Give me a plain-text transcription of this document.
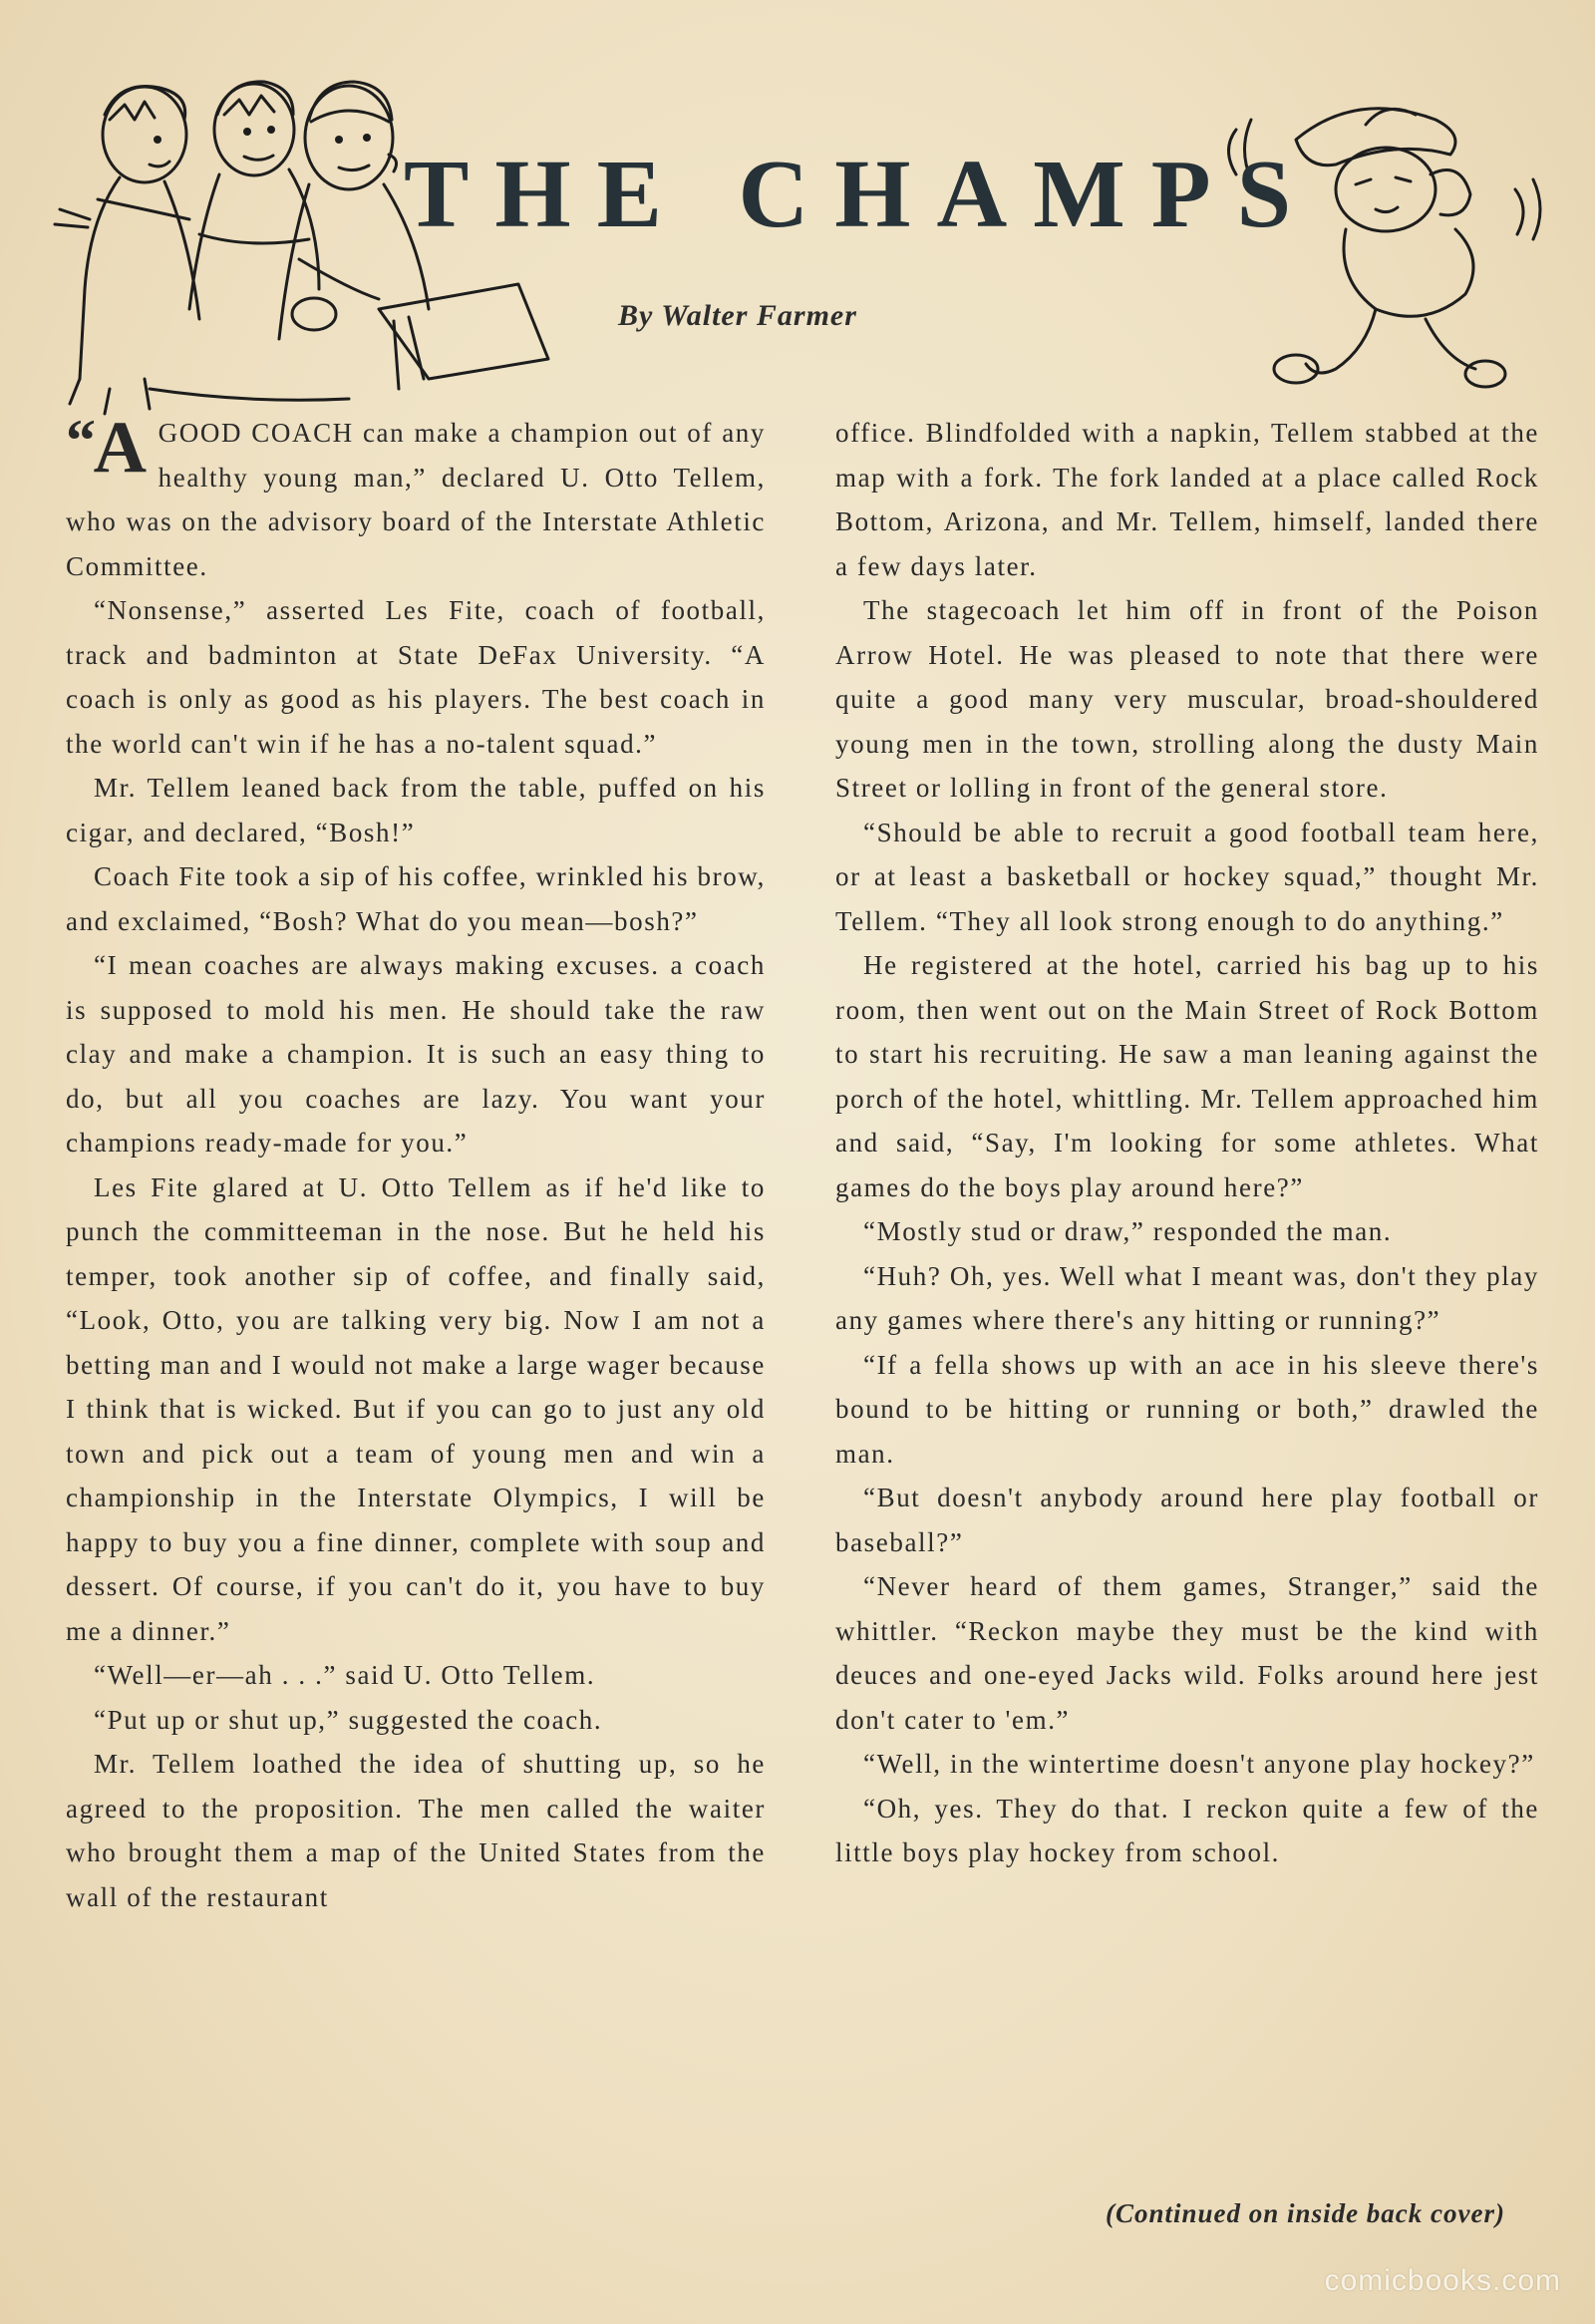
THE CHAMPS
By Walter Farmer

“
A GOOD COACH can make a champion out of any healthy young man,” declared U. Otto Tellem, who was on the advisory board of the Interstate Athletic Committee.

“Nonsense,” asserted Les Fite, coach of football, track and badminton at State DeFax University. “A coach is only as good as his players. The best coach in the world can't win if he has a no-talent squad.”

Mr. Tellem leaned back from the table, puffed on his cigar, and declared, “Bosh!”

Coach Fite took a sip of his coffee, wrinkled his brow, and exclaimed, “Bosh? What do you mean—bosh?”

“I mean coaches are always making excuses. a coach is supposed to mold his men. He should take the raw clay and make a champion. It is such an easy thing to do, but all you coaches are lazy. You want your champions ready-made for you.”

Les Fite glared at U. Otto Tellem as if he'd like to punch the committeeman in the nose. But he held his temper, took another sip of coffee, and finally said, “Look, Otto, you are talking very big. Now I am not a betting man and I would not make a large wager because I think that is wicked. But if you can go to just any old town and pick out a team of young men and win a championship in the Interstate Olympics, I will be happy to buy you a fine dinner, complete with soup and dessert. Of course, if you can't do it, you have to buy me a dinner.”

“Well—er—ah . . .” said U. Otto Tellem.

“Put up or shut up,” suggested the coach.

Mr. Tellem loathed the idea of shutting up, so he agreed to the proposition. The men called the waiter who brought them a map of the United States from the wall of the restaurant

office. Blindfolded with a napkin, Tellem stabbed at the map with a fork. The fork landed at a place called Rock Bottom, Arizona, and Mr. Tellem, himself, landed there a few days later.

The stagecoach let him off in front of the Poison Arrow Hotel. He was pleased to note that there were quite a good many very muscular, broad-shouldered young men in the town, strolling along the dusty Main Street or lolling in front of the general store.

“Should be able to recruit a good football team here, or at least a basketball or hockey squad,” thought Mr. Tellem. “They all look strong enough to do anything.”

He registered at the hotel, carried his bag up to his room, then went out on the Main Street of Rock Bottom to start his recruiting. He saw a man leaning against the porch of the hotel, whittling. Mr. Tellem approached him and said, “Say, I'm looking for some athletes. What games do the boys play around here?”

“Mostly stud or draw,” responded the man.

“Huh? Oh, yes. Well what I meant was, don't they play any games where there's any hitting or running?”

“If a fella shows up with an ace in his sleeve there's bound to be hitting or running or both,” drawled the man.

“But doesn't anybody around here play football or baseball?”

“Never heard of them games, Stranger,” said the whittler. “Reckon maybe they must be the kind with deuces and one-eyed Jacks wild. Folks around here jest don't cater to 'em.”

“Well, in the wintertime doesn't anyone play hockey?”

“Oh, yes. They do that. I reckon quite a few of the little boys play hockey from school.

(Continued on inside back cover)
comicbooks.com
